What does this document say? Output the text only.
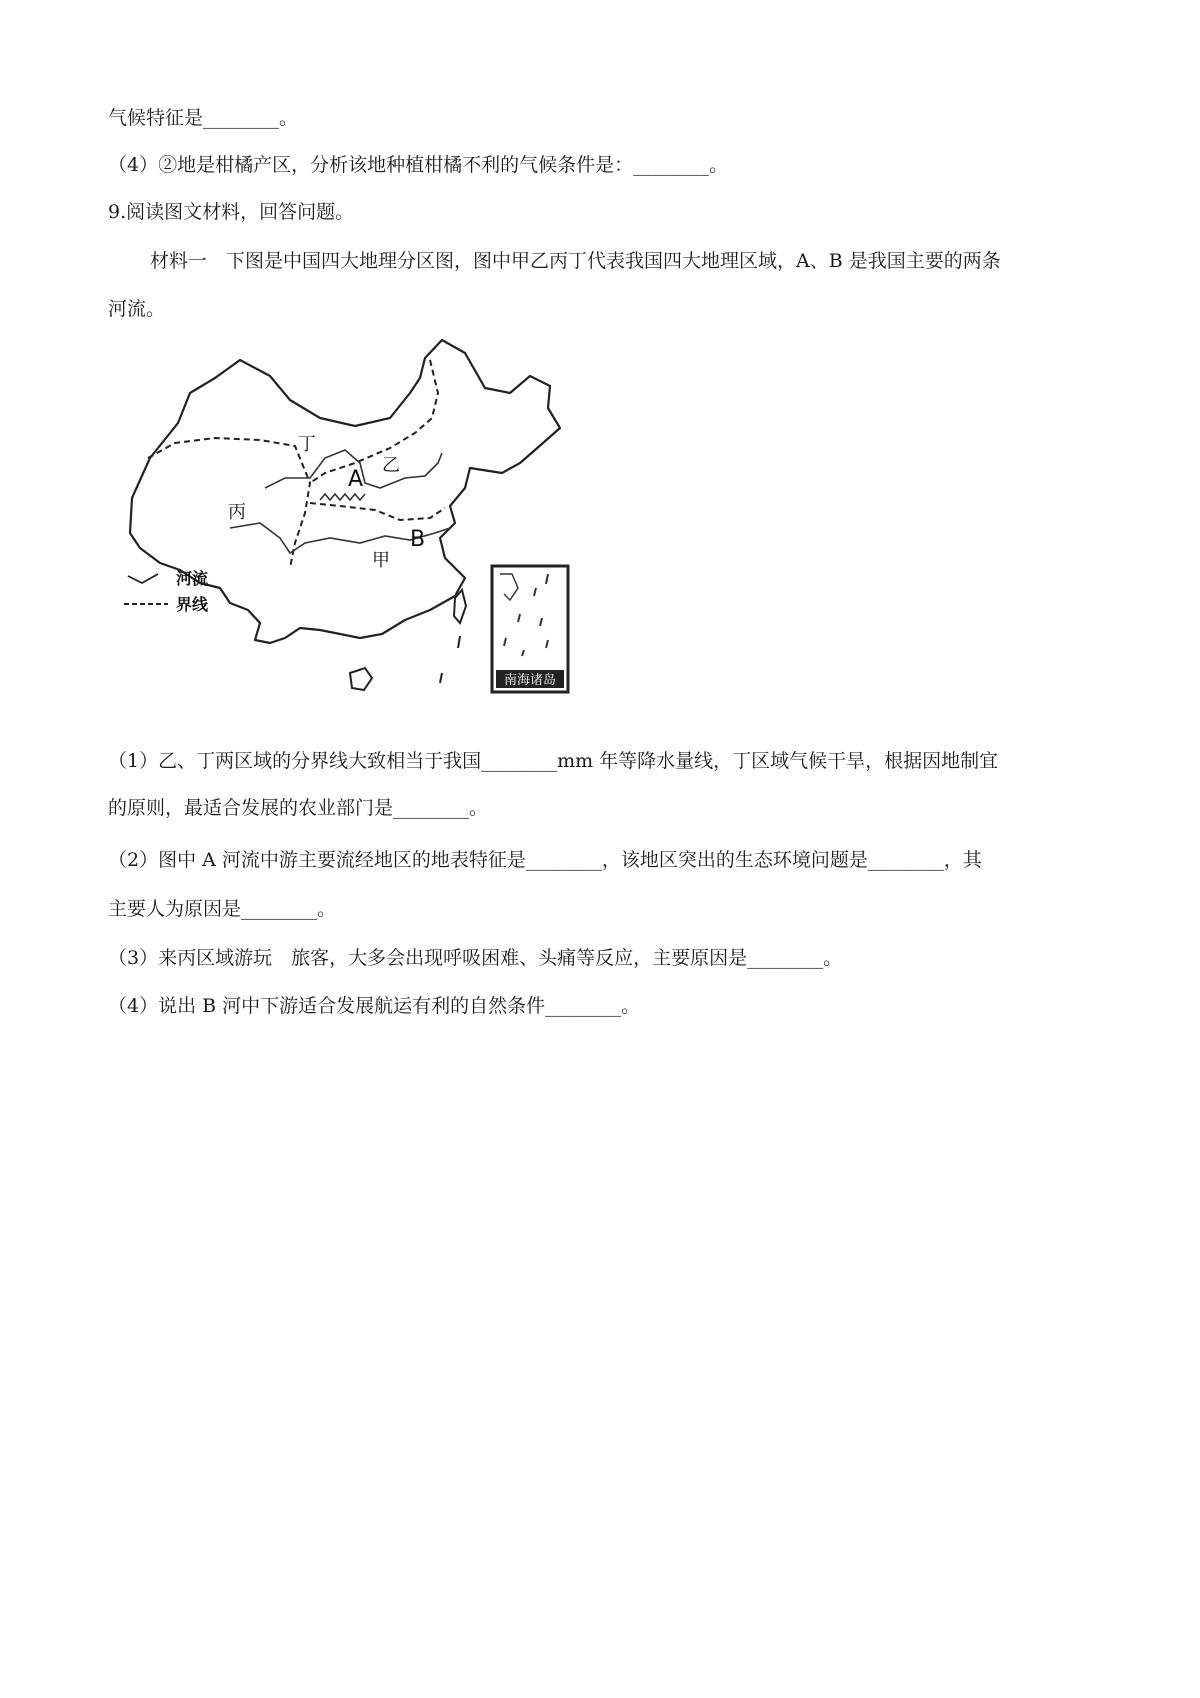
气候特征是________。
（4）②地是柑橘产区，分析该地种植柑橘不利的气候条件是：________。
9.阅读图文材料，回答问题。
材料一　下图是中国四大地理分区图，图中甲乙丙丁代表我国四大地理区域，A、B 是我国主要的两条
河流。
丁
乙
丙
甲
A
B
河流
界线
南海诸岛
（1）乙、丁两区域的分界线大致相当于我国________mm 年等降水量线，丁区域气候干旱，根据因地制宜
的原则，最适合发展的农业部门是________。
（2）图中 A 河流中游主要流经地区的地表特征是________，该地区突出的生态环境问题是________，其
主要人为原因是________。
（3）来丙区域游玩　旅客，大多会出现呼吸困难、头痛等反应，主要原因是________。
（4）说出 B 河中下游适合发展航运有利的自然条件________。
